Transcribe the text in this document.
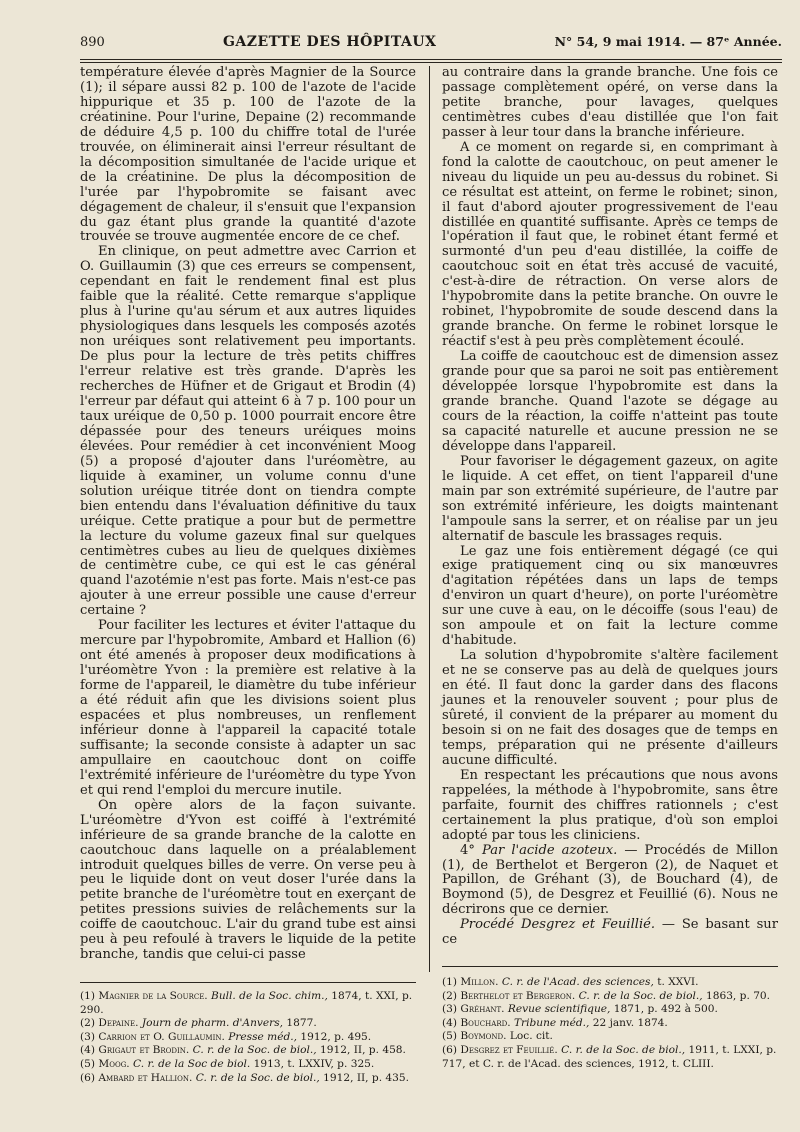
890	GAZETTE DES HÔPITAUX	N° 54, 9 mai 1914. — 87ᵉ Année.

température élevée d'après Magnier de la Source (1); il sépare aussi 82 p. 100 de l'azote de l'acide hippurique et 35 p. 100 de l'azote de la créatinine. Pour l'urine, Depaine (2) recommande de déduire 4,5 p. 100 du chiffre total de l'urée trouvée, on éliminerait ainsi l'erreur résultant de la décomposition simultanée de l'acide urique et de la créatinine. De plus la décomposition de l'urée par l'hypobromite se faisant avec dégagement de chaleur, il s'ensuit que l'expansion du gaz étant plus grande la quantité d'azote trouvée se trouve augmentée encore de ce chef.

En clinique, on peut admettre avec Carrion et O. Guillaumin (3) que ces erreurs se compensent, cependant en fait le rendement final est plus faible que la réalité. Cette remarque s'applique plus à l'urine qu'au sérum et aux autres liquides physiologiques dans lesquels les composés azotés non uréiques sont relativement peu importants. De plus pour la lecture de très petits chiffres l'erreur relative est très grande. D'après les recherches de Hüfner et de Grigaut et Brodin (4) l'erreur par défaut qui atteint 6 à 7 p. 100 pour un taux uréique de 0,50 p. 1000 pourrait encore être dépassée pour des teneurs uréiques moins élevées. Pour remédier à cet inconvénient Moog (5) a proposé d'ajouter dans l'uréomètre, au liquide à examiner, un volume connu d'une solution uréique titrée dont on tiendra compte bien entendu dans l'évaluation définitive du taux uréique. Cette pratique a pour but de permettre la lecture du volume gazeux final sur quelques centimètres cubes au lieu de quelques dixièmes de centimètre cube, ce qui est le cas général quand l'azotémie n'est pas forte. Mais n'est-ce pas ajouter à une erreur possible une cause d'erreur certaine ?

Pour faciliter les lectures et éviter l'attaque du mercure par l'hypobromite, Ambard et Hallion (6) ont été amenés à proposer deux modifications à l'uréomètre Yvon : la première est relative à la forme de l'appareil, le diamètre du tube inférieur a été réduit afin que les divisions soient plus espacées et plus nombreuses, un renflement inférieur donne à l'appareil la capacité totale suffisante; la seconde consiste à adapter un sac ampullaire en caoutchouc dont on coiffe l'extrémité inférieure de l'uréomètre du type Yvon et qui rend l'emploi du mercure inutile.

On opère alors de la façon suivante. L'uréomètre d'Yvon est coiffé à l'extrémité inférieure de sa grande branche de la calotte en caoutchouc dans laquelle on a préalablement introduit quelques billes de verre. On verse peu à peu le liquide dont on veut doser l'urée dans la petite branche de l'uréomètre tout en exerçant de petites pressions suivies de relâchements sur la coiffe de caoutchouc. L'air du grand tube est ainsi peu à peu refoulé à travers le liquide de la petite branche, tandis que celui-ci passe

au contraire dans la grande branche. Une fois ce passage complètement opéré, on verse dans la petite branche, pour lavages, quelques centimètres cubes d'eau distillée que l'on fait passer à leur tour dans la branche inférieure.

A ce moment on regarde si, en comprimant à fond la calotte de caoutchouc, on peut amener le niveau du liquide un peu au-dessus du robinet. Si ce résultat est atteint, on ferme le robinet; sinon, il faut d'abord ajouter progressivement de l'eau distillée en quantité suffisante. Après ce temps de l'opération il faut que, le robinet étant fermé et surmonté d'un peu d'eau distillée, la coiffe de caoutchouc soit en état très accusé de vacuité, c'est-à-dire de rétraction. On verse alors de l'hypobromite dans la petite branche. On ouvre le robinet, l'hypobromite de soude descend dans la grande branche. On ferme le robinet lorsque le réactif s'est à peu près complètement écoulé.

La coiffe de caoutchouc est de dimension assez grande pour que sa paroi ne soit pas entièrement développée lorsque l'hypobromite est dans la grande branche. Quand l'azote se dégage au cours de la réaction, la coiffe n'atteint pas toute sa capacité naturelle et aucune pression ne se développe dans l'appareil.

Pour favoriser le dégagement gazeux, on agite le liquide. A cet effet, on tient l'appareil d'une main par son extrémité supérieure, de l'autre par son extrémité inférieure, les doigts maintenant l'ampoule sans la serrer, et on réalise par un jeu alternatif de bascule les brassages requis.

Le gaz une fois entièrement dégagé (ce qui exige pratiquement cinq ou six manœuvres d'agitation répétées dans un laps de temps d'environ un quart d'heure), on porte l'uréomètre sur une cuve à eau, on le décoiffe (sous l'eau) de son ampoule et on fait la lecture comme d'habitude.

La solution d'hypobromite s'altère facilement et ne se conserve pas au delà de quelques jours en été. Il faut donc la garder dans des flacons jaunes et la renouveler souvent ; pour plus de sûreté, il convient de la préparer au moment du besoin si on ne fait des dosages que de temps en temps, préparation qui ne présente d'ailleurs aucune difficulté.

En respectant les précautions que nous avons rappelées, la méthode à l'hypobromite, sans être parfaite, fournit des chiffres rationnels ; c'est certainement la plus pratique, d'où son emploi adopté par tous les cliniciens.

4° Par l'acide azoteux. — Procédés de Millon (1), de Berthelot et Bergeron (2), de Naquet et Papillon, de Gréhant (3), de Bouchard (4), de Boymond (5), de Desgrez et Feuillié (6). Nous ne décrirons que ce dernier.

Procédé Desgrez et Feuillié. — Se basant sur ce

(1) Magnier de la Source. Bull. de la Soc. chim., 1874, t. XXI, p. 290.
(2) Depaine. Journ de pharm. d'Anvers, 1877.
(3) Carrion et O. Guillaumin. Presse méd., 1912, p. 495.
(4) Grigaut et Brodin. C. r. de la Soc. de biol., 1912, II, p. 458.
(5) Moog. C. r. de la Soc de biol. 1913, t. LXXIV, p. 325.
(6) Ambard et Hallion. C. r. de la Soc. de biol., 1912, II, p. 435.
(1) Millon. C. r. de l'Acad. des sciences, t. XXVI.
(2) Berthelot et Bergeron. C. r. de la Soc. de biol., 1863, p. 70.
(3) Gréhant. Revue scientifique, 1871, p. 492 à 500.
(4) Bouchard. Tribune méd., 22 janv. 1874.
(5) Boymond. Loc. cit.
(6) Desgrez et Feuillié. C. r. de la Soc. de biol., 1911, t. LXXI, p. 717, et C. r. de l'Acad. des sciences, 1912, t. CLIII.
